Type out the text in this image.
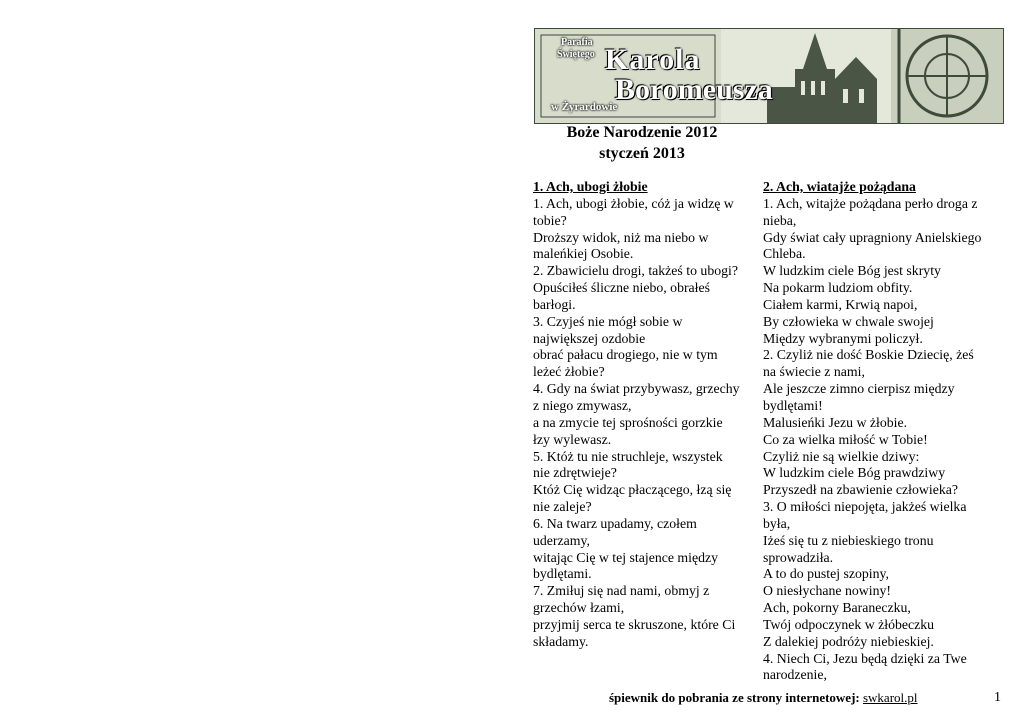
Parafia
Świętego Karola
Boromeusza
w Żyrardowie
Boże Narodzenie 2012
styczeń 2013
1. Ach, ubogi żłobie
1. Ach, ubogi żłobie, cóż ja widzę w
tobie?
Droższy widok, niż ma niebo w
maleńkiej Osobie.
2. Zbawicielu drogi, takżeś to ubogi?
Opuściłeś śliczne niebo, obrałeś
barłogi.
3. Czyjeś nie mógł sobie w
największej ozdobie
obrać pałacu drogiego, nie w tym
leżeć żłobie?
4. Gdy na świat przybywasz, grzechy
z niego zmywasz,
a na zmycie tej sprośności gorzkie
łzy wylewasz.
5. Któż tu nie struchleje, wszystek
nie zdrętwieje?
Któż Cię widząc płaczącego, łzą się
nie zaleje?
6. Na twarz upadamy, czołem
uderzamy,
witając Cię w tej stajence między
bydlętami.
7. Zmiłuj się nad nami, obmyj z
grzechów łzami,
przyjmij serca te skruszone, które Ci
składamy.
2. Ach, wiatajże pożądana
1. Ach, witajże pożądana perło droga z
nieba,
Gdy świat cały upragniony Anielskiego
Chleba.
W ludzkim ciele Bóg jest skryty
Na pokarm ludziom obfity.
Ciałem karmi, Krwią napoi,
By człowieka w chwale swojej
Między wybranymi policzył.
2. Czyliż nie dość Boskie Dziecię, żeś
na świecie z nami,
Ale jeszcze zimno cierpisz między
bydlętami!
Malusieńki Jezu w żłobie.
Co za wielka miłość w Tobie!
Czyliż nie są wielkie dziwy:
W ludzkim ciele Bóg prawdziwy
Przyszedł na zbawienie człowieka?
3. O miłości niepojęta, jakżeś wielka
była,
Iżeś się tu z niebieskiego tronu
sprowadziła.
A to do pustej szopiny,
O niesłychane nowiny!
Ach, pokorny Baraneczku,
Twój odpoczynek w żłóbeczku
Z dalekiej podróży niebieskiej.
4. Niech Ci, Jezu będą dzięki za Twe
narodzenie,
śpiewnik do pobrania ze strony internetowej: swkarol.pl	1
